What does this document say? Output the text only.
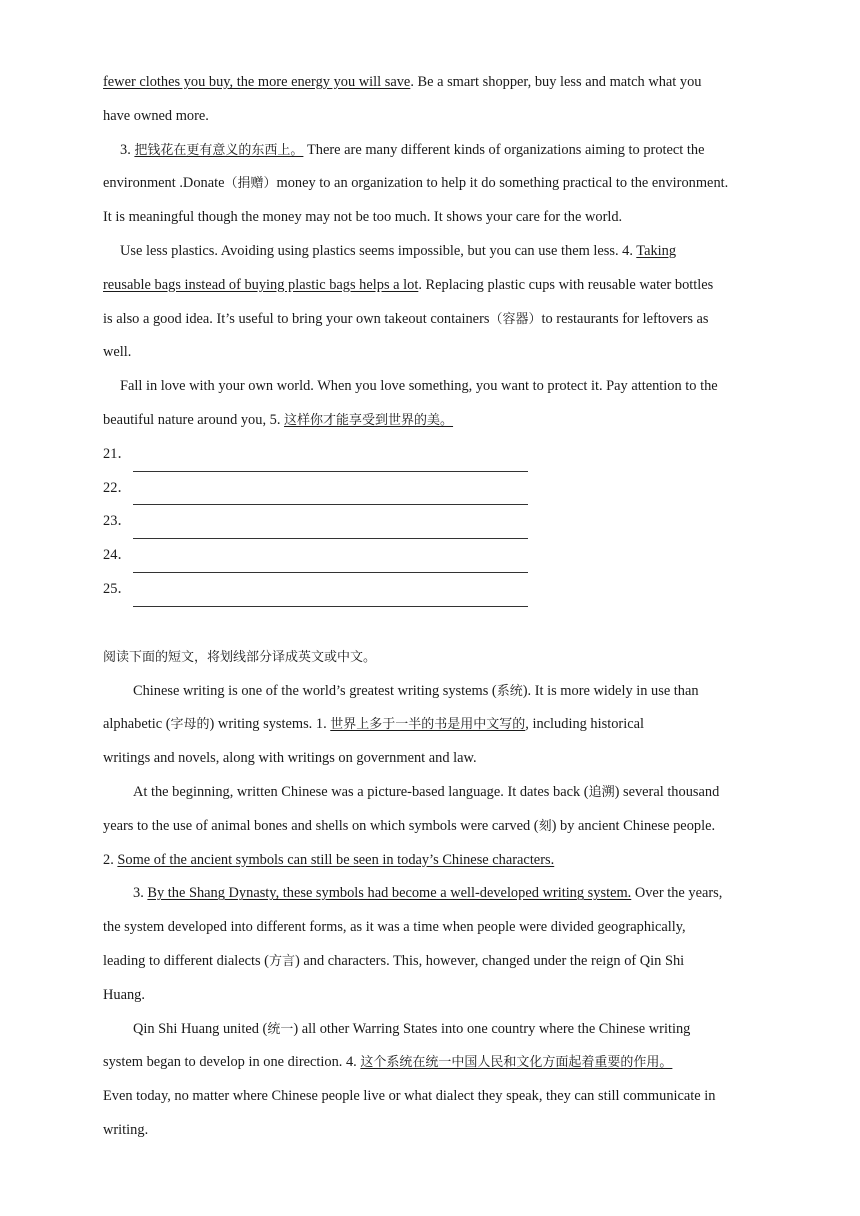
fewer clothes you buy, the more energy you will save. Be a smart shopper, buy less and match what you
have owned more.
3. 把钱花在更有意义的东西上。 There are many different kinds of organizations aiming to protect the
environment .Donate（捐赠）money to an organization to help it do something practical to the environment.
It is meaningful though the money may not be too much. It shows your care for the world.
Use less plastics. Avoiding using plastics seems impossible, but you can use them less. 4. Taking
reusable bags instead of buying plastic bags helps a lot. Replacing plastic cups with reusable water bottles
is also a good idea. It’s useful to bring your own takeout containers（容器）to restaurants for leftovers as
well.
Fall in love with your own world. When you love something, you want to protect it. Pay attention to the
beautiful nature around you, 5. 这样你才能享受到世界的美。
21．
22．
23．
24．
25．
阅读下面的短文，将划线部分译成英文或中文。
Chinese writing is one of the world’s greatest writing systems (系统). It is more widely in use than
alphabetic (字母的) writing systems. 1. 世界上多于一半的书是用中文写的, including historical
writings and novels, along with writings on government and law.
At the beginning, written Chinese was a picture-based language. It dates back (追溯) several thousand
years to the use of animal bones and shells on which symbols were carved (刻) by ancient Chinese people.
2. Some of the ancient symbols can still be seen in today’s Chinese characters.
3. By the Shang Dynasty, these symbols had become a well-developed writing system. Over the years,
the system developed into different forms, as it was a time when people were divided geographically,
leading to different dialects (方言) and characters. This, however, changed under the reign of Qin Shi
Huang.
Qin Shi Huang united (统一) all other Warring States into one country where the Chinese writing
system began to develop in one direction. 4. 这个系统在统一中国人民和文化方面起着重要的作用。
Even today, no matter where Chinese people live or what dialect they speak, they can still communicate in
writing.
